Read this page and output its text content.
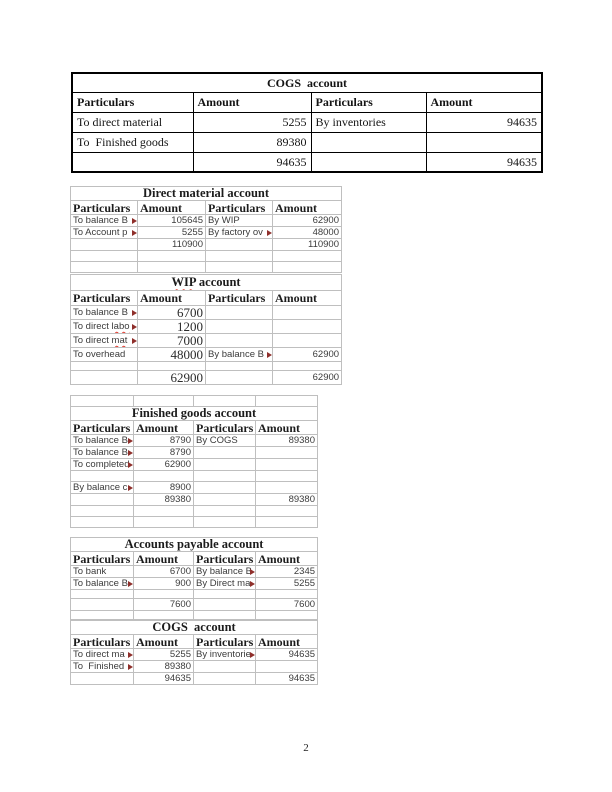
COGS  account			
Particulars	Amount	Particulars	Amount
To direct material	5255	By inventories	94635
To  Finished goods	89380		
	94635		94635
Direct material account			
Particulars	Amount	Particulars	Amount
To balance B	105645	By WIP	62900
To Account p	5255	By factory ov	48000
	110900		110900

WIP account			
Particulars	Amount	Particulars	Amount
To balance B	6700		
To direct labo	1200		
To direct mat	7000		
To overhead	48000	By balance B	62900

	62900		62900

Finished goods account			
Particulars	Amount	Particulars	Amount
To balance B	8790	By COGS	89380
To balance B	8790		
To completed	62900		

By balance c	8900		
	89380		89380

Accounts payable account			
Particulars	Amount	Particulars	Amount
To bank	6700	By balance B	2345
To balance B	900	By Direct ma	5255

	7600		7600

COGS  account			
Particulars	Amount	Particulars	Amount
To direct ma	5255	By inventorie	94635
To  Finished	89380		
	94635		94635
2
